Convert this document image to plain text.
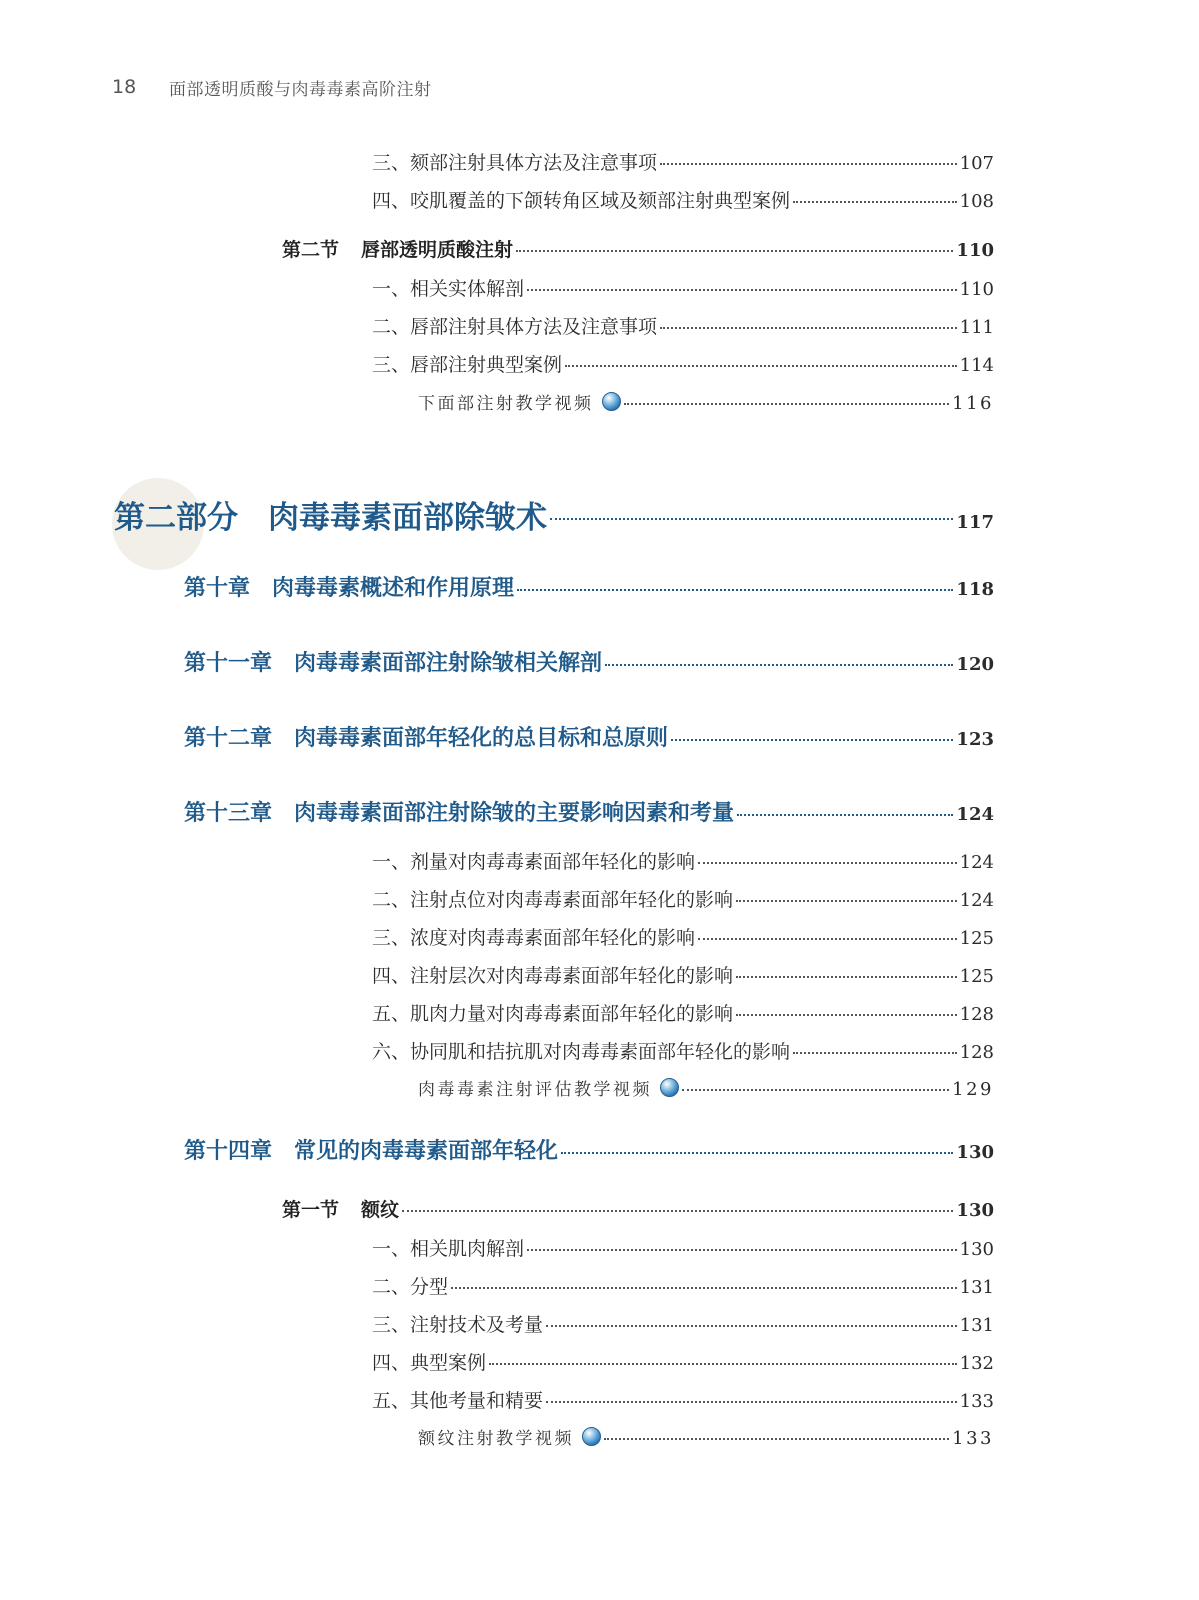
18	面部透明质酸与肉毒毒素高阶注射
三、颏部注射具体方法及注意事项	107
四、咬肌覆盖的下颌转角区域及颏部注射典型案例	108
第二节 唇部透明质酸注射	110
一、相关实体解剖	110
二、唇部注射具体方法及注意事项	111
三、唇部注射典型案例	114
下面部注射教学视频	116
第二部分 肉毒毒素面部除皱术	117
第十章 肉毒毒素概述和作用原理	118
第十一章 肉毒毒素面部注射除皱相关解剖	120
第十二章 肉毒毒素面部年轻化的总目标和总原则	123
第十三章 肉毒毒素面部注射除皱的主要影响因素和考量	124
一、剂量对肉毒毒素面部年轻化的影响	124
二、注射点位对肉毒毒素面部年轻化的影响	124
三、浓度对肉毒毒素面部年轻化的影响	125
四、注射层次对肉毒毒素面部年轻化的影响	125
五、肌肉力量对肉毒毒素面部年轻化的影响	128
六、协同肌和拮抗肌对肉毒毒素面部年轻化的影响	128
肉毒毒素注射评估教学视频	129
第十四章 常见的肉毒毒素面部年轻化	130
第一节 额纹	130
一、相关肌肉解剖	130
二、分型	131
三、注射技术及考量	131
四、典型案例	132
五、其他考量和精要	133
额纹注射教学视频	133
